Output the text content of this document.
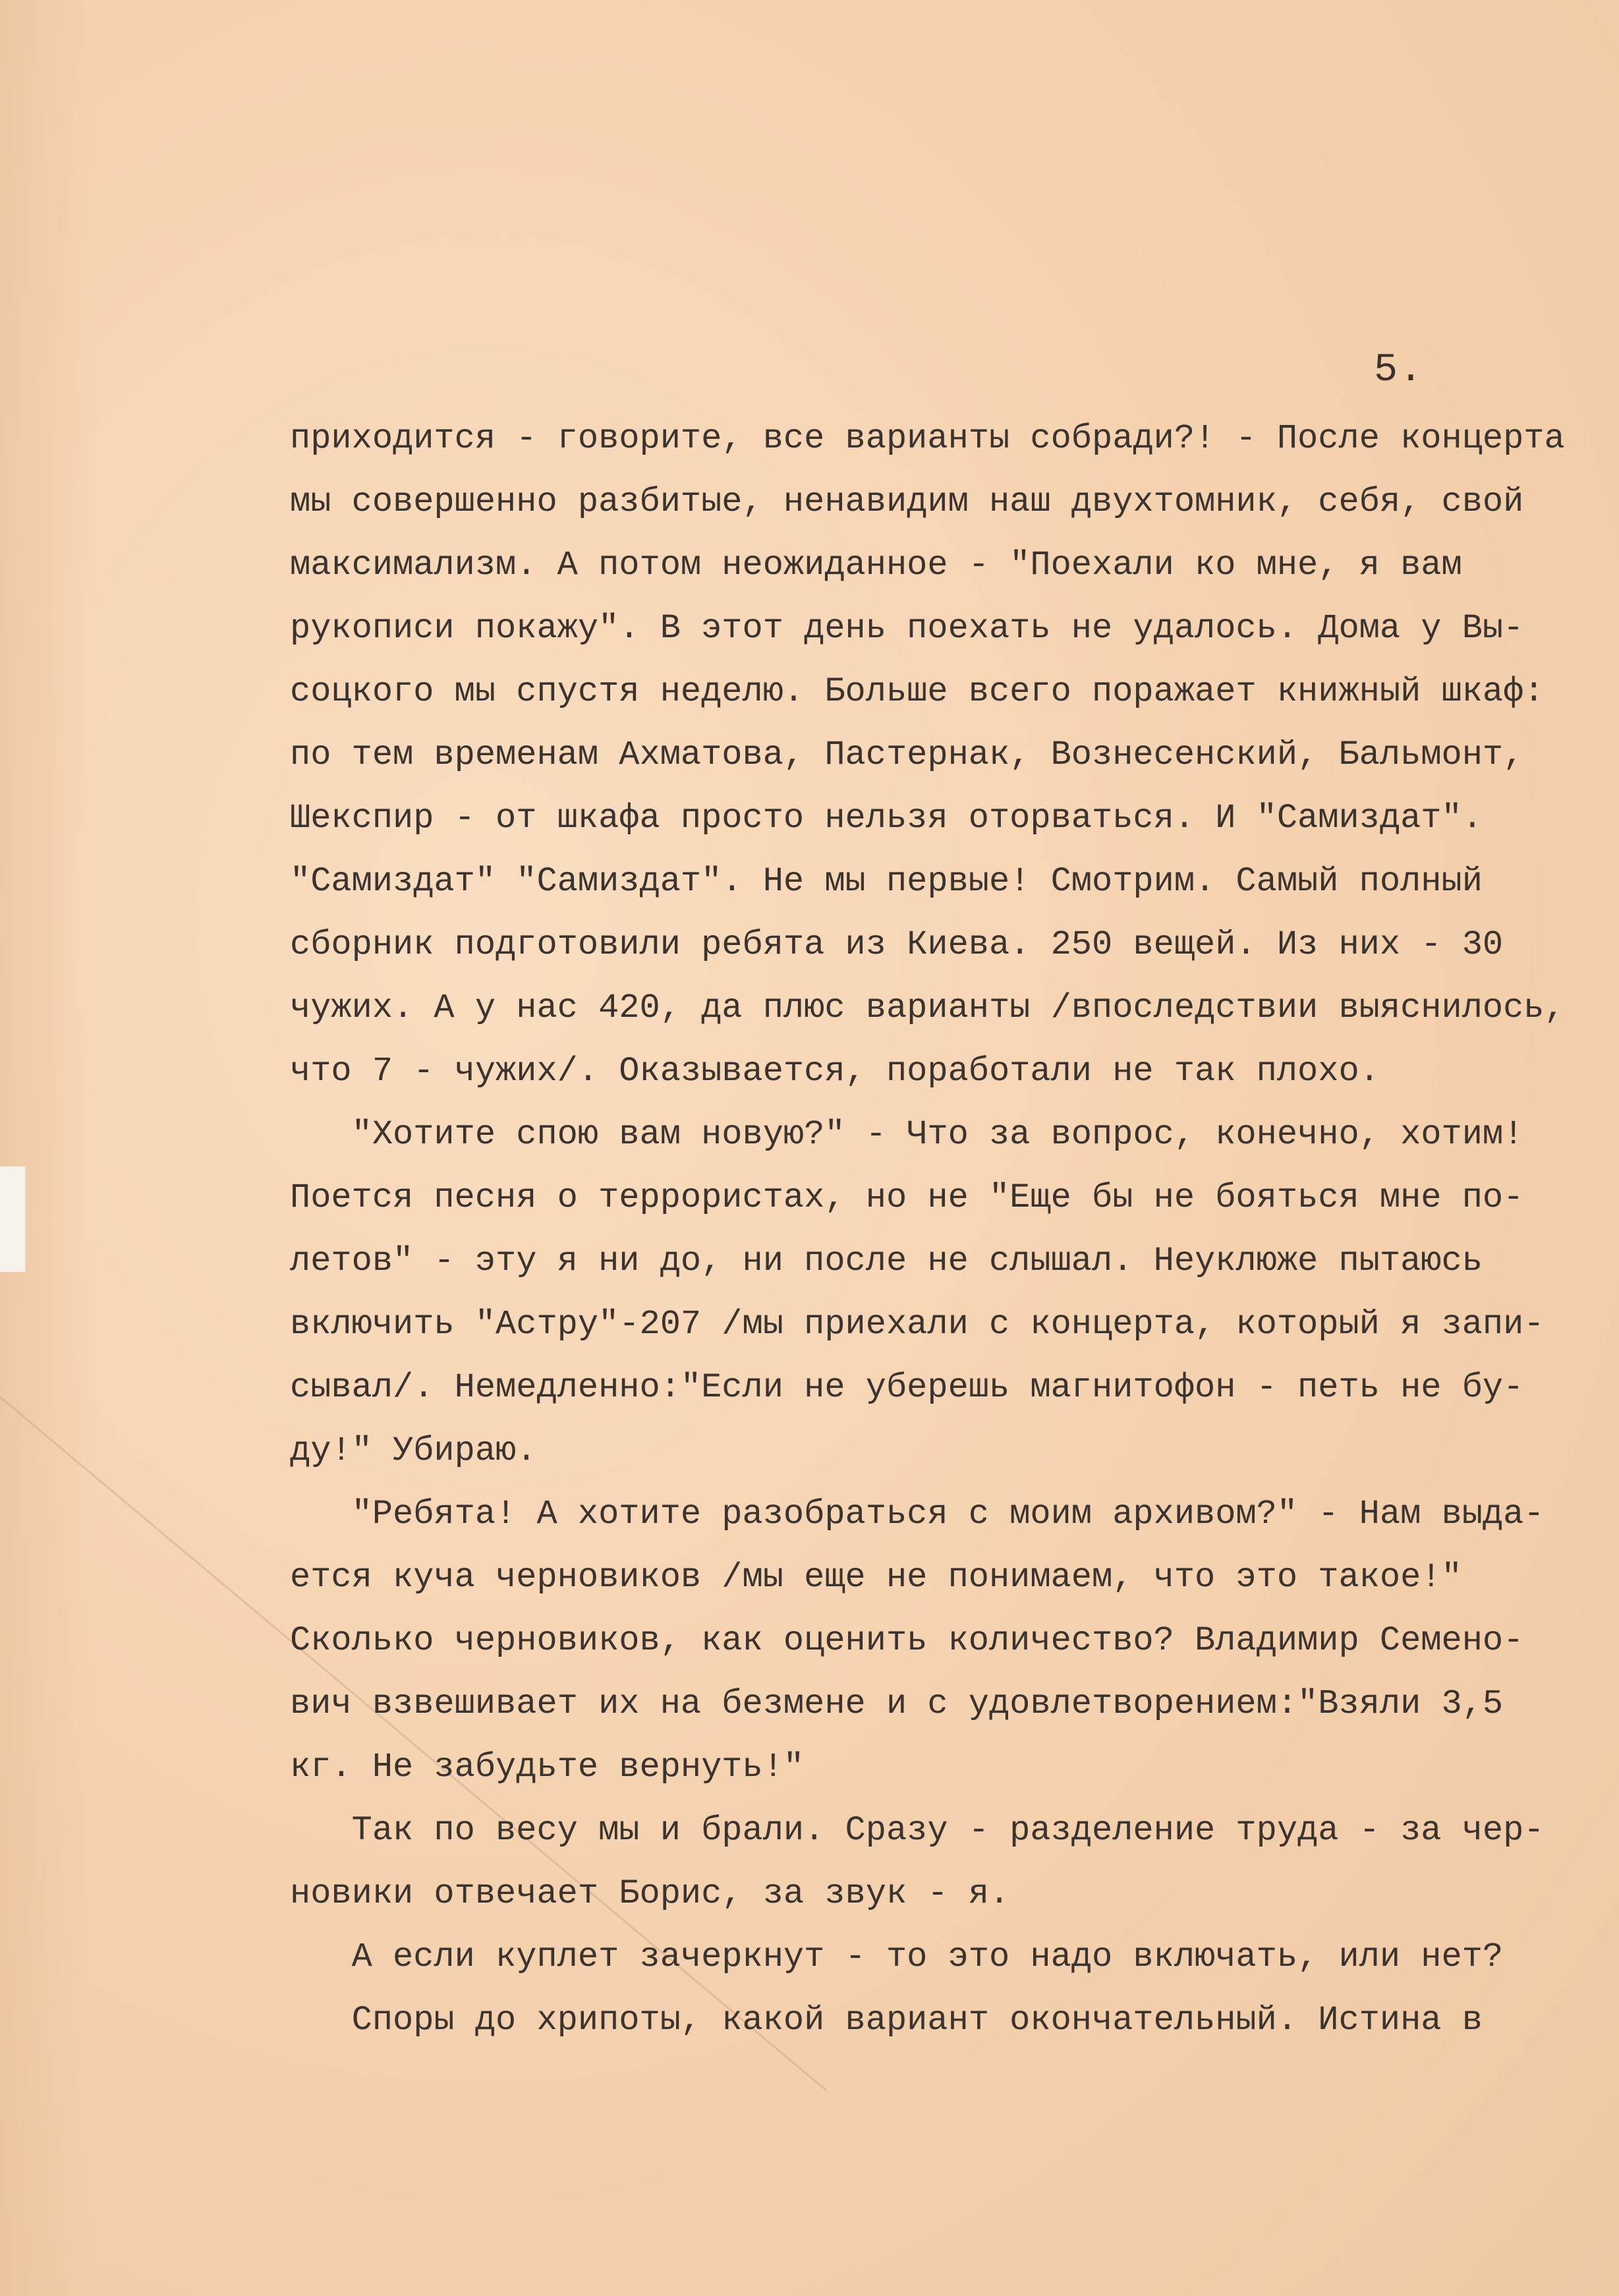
5.
приходится - говорите, все варианты собради?! - После концерта
мы совершенно разбитые, ненавидим наш двухтомник, себя, свой
максимализм. А потом неожиданное - "Поехали ко мне, я вам
рукописи покажу". В этот день поехать не удалось. Дома у Вы-
соцкого мы спустя неделю. Больше всего поражает книжный шкаф:
по тем временам Ахматова, Пастернак, Вознесенский, Бальмонт,
Шекспир - от шкафа просто нельзя оторваться. И "Самиздат".
"Самиздат" "Самиздат". Не мы первые! Смотрим. Самый полный
сборник подготовили ребята из Киева. 250 вещей. Из них - 30
чужих. А у нас 420, да плюс варианты /впоследствии выяснилось,
что 7 - чужих/. Оказывается, поработали не так плохо.
"Хотите спою вам новую?" - Что за вопрос, конечно, хотим!
Поется песня о террористах, но не "Еще бы не бояться мне по-
летов" - эту я ни до, ни после не слышал. Неуклюже пытаюсь
включить "Астру"-207 /мы приехали с концерта, который я запи-
сывал/. Немедленно:"Если не уберешь магнитофон - петь не бу-
ду!" Убираю.
"Ребята! А хотите разобраться с моим архивом?" - Нам выда-
ется куча черновиков /мы еще не понимаем, что это такое!"
Сколько черновиков, как оценить количество? Владимир Семено-
вич взвешивает их на безмене и с удовлетворением:"Взяли 3,5
кг. Не забудьте вернуть!"
Так по весу мы и брали. Сразу - разделение труда - за чер-
новики отвечает Борис, за звук - я.
А если куплет зачеркнут - то это надо включать, или нет?
Споры до хрипоты, какой вариант окончательный. Истина в
